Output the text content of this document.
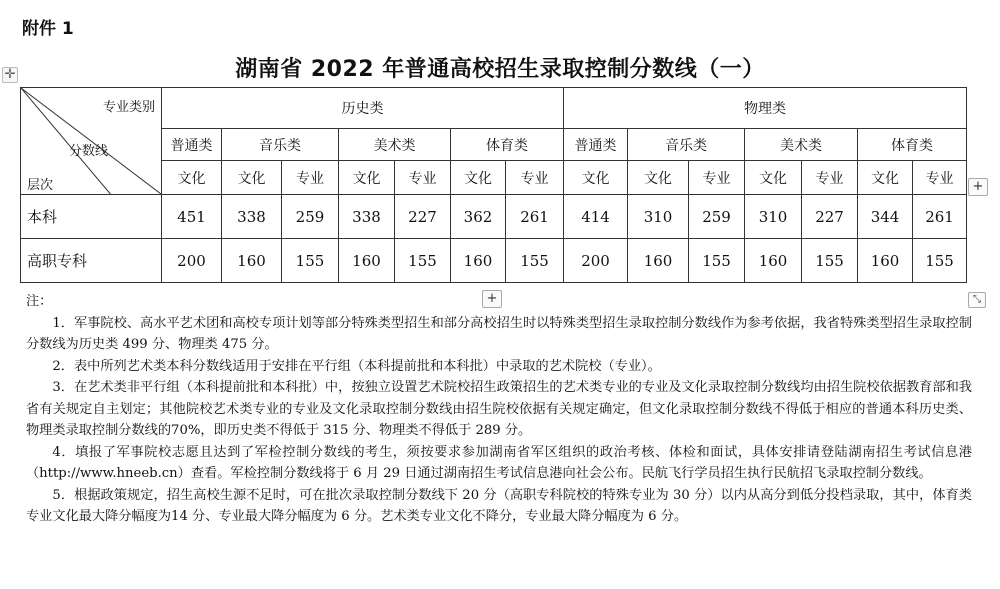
附件 1
湖南省 2022 年普通高校招生录取控制分数线（一）
✛
专业类别
分数线
层次	历史类							物理类						
	普通类	音乐类		美术类		体育类		普通类	音乐类		美术类		体育类	
	文化	文化	专业	文化	专业	文化	专业	文化	文化	专业	文化	专业	文化	专业
本科	451	338	259	338	227	362	261	414	310	259	310	227	344	261
高职专科	200	160	155	160	155	160	155	200	160	155	160	155	160	155
+
+	⤡
注：

1．军事院校、高水平艺术团和高校专项计划等部分特殊类型招生和部分高校招生时以特殊类型招生录取控制分数线作为参考依据，我省特殊类型招生录取控制分数线为历史类 499 分、物理类 475 分。

2．表中所列艺术类本科分数线适用于安排在平行组（本科提前批和本科批）中录取的艺术院校（专业）。

3．在艺术类非平行组（本科提前批和本科批）中，按独立设置艺术院校招生政策招生的艺术类专业的专业及文化录取控制分数线均由招生院校依据教育部和我省有关规定自主划定；其他院校艺术类专业的专业及文化录取控制分数线由招生院校依据有关规定确定，但文化录取控制分数线不得低于相应的普通本科历史类、物理类录取控制分数线的70%，即历史类不得低于 315 分、物理类不得低于 289 分。

4．填报了军事院校志愿且达到了军检控制分数线的考生，须按要求参加湖南省军区组织的政治考核、体检和面试，具体安排请登陆湖南招生考试信息港（http://www.hneeb.cn）查看。军检控制分数线将于 6 月 29 日通过湖南招生考试信息港向社会公布。民航飞行学员招生执行民航招飞录取控制分数线。

5．根据政策规定，招生高校生源不足时，可在批次录取控制分数线下 20 分（高职专科院校的特殊专业为 30 分）以内从高分到低分投档录取，其中，体育类专业文化最大降分幅度为14 分、专业最大降分幅度为 6 分。艺术类专业文化不降分，专业最大降分幅度为 6 分。
